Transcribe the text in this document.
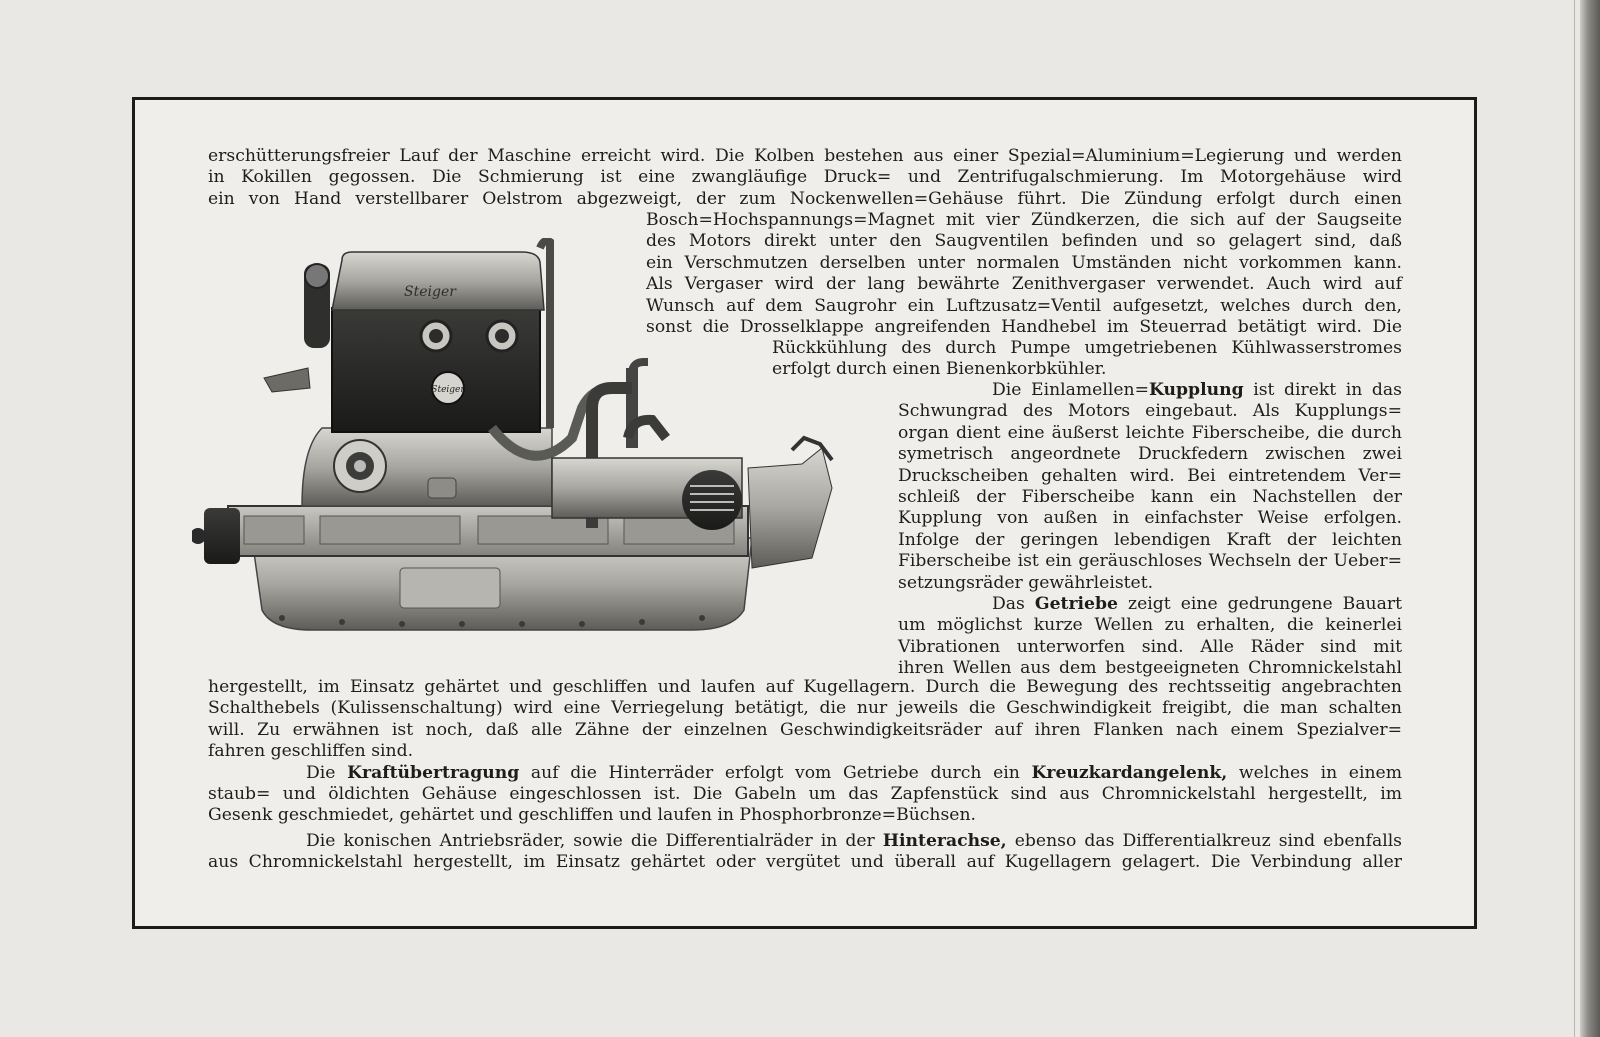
erschütterungsfreier Lauf der Maschine erreicht wird. Die Kolben bestehen aus einer Spezial=Aluminium=Legierung und werden
in Kokillen gegossen. Die Schmierung ist eine zwangläufige Druck= und Zentrifugalschmierung. Im Motorgehäuse wird
ein von Hand verstellbarer Oelstrom abgezweigt, der zum Nockenwellen=Gehäuse führt. Die Zündung erfolgt durch einen
Bosch=Hochspannungs=Magnet mit vier Zündkerzen, die sich auf der Saugseite
des Motors direkt unter den Saugventilen befinden und so gelagert sind, daß
ein Verschmutzen derselben unter normalen Umständen nicht vorkommen kann.
Als Vergaser wird der lang bewährte Zenithvergaser verwendet. Auch wird auf
Wunsch auf dem Saugrohr ein Luftzusatz=Ventil aufgesetzt, welches durch den,
sonst die Drosselklappe angreifenden Handhebel im Steuerrad betätigt wird. Die
Rückkühlung des durch Pumpe umgetriebenen Kühlwasserstromes
erfolgt durch einen Bienenkorbkühler.
Die Einlamellen=Kupplung ist direkt in das
Schwungrad des Motors eingebaut. Als Kupplungs=
organ dient eine äußerst leichte Fiberscheibe, die durch
symetrisch angeordnete Druckfedern zwischen zwei
Druckscheiben gehalten wird. Bei eintretendem Ver=
schleiß der Fiberscheibe kann ein Nachstellen der
Kupplung von außen in einfachster Weise erfolgen.
Infolge der geringen lebendigen Kraft der leichten
Fiberscheibe ist ein geräuschloses Wechseln der Ueber=
setzungsräder gewährleistet.
Das Getriebe zeigt eine gedrungene Bauart
um möglichst kurze Wellen zu erhalten, die keinerlei
Vibrationen unterworfen sind. Alle Räder sind mit
ihren Wellen aus dem bestgeeigneten Chromnickelstahl
hergestellt, im Einsatz gehärtet und geschliffen und laufen auf Kugellagern. Durch die Bewegung des rechtsseitig angebrachten
Schalthebels (Kulissenschaltung) wird eine Verriegelung betätigt, die nur jeweils die Geschwindigkeit freigibt, die man schalten
will. Zu erwähnen ist noch, daß alle Zähne der einzelnen Geschwindigkeitsräder auf ihren Flanken nach einem Spezialver=
fahren geschliffen sind.
Die Kraftübertragung auf die Hinterräder erfolgt vom Getriebe durch ein Kreuzkardangelenk, welches in einem
staub= und öldichten Gehäuse eingeschlossen ist. Die Gabeln um das Zapfenstück sind aus Chromnickelstahl hergestellt, im
Gesenk geschmiedet, gehärtet und geschliffen und laufen in Phosphorbronze=Büchsen.
Die konischen Antriebsräder, sowie die Differentialräder in der Hinterachse, ebenso das Differentialkreuz sind ebenfalls
aus Chromnickelstahl hergestellt, im Einsatz gehärtet oder vergütet und überall auf Kugellagern gelagert. Die Verbindung aller
Steiger
Steiger
